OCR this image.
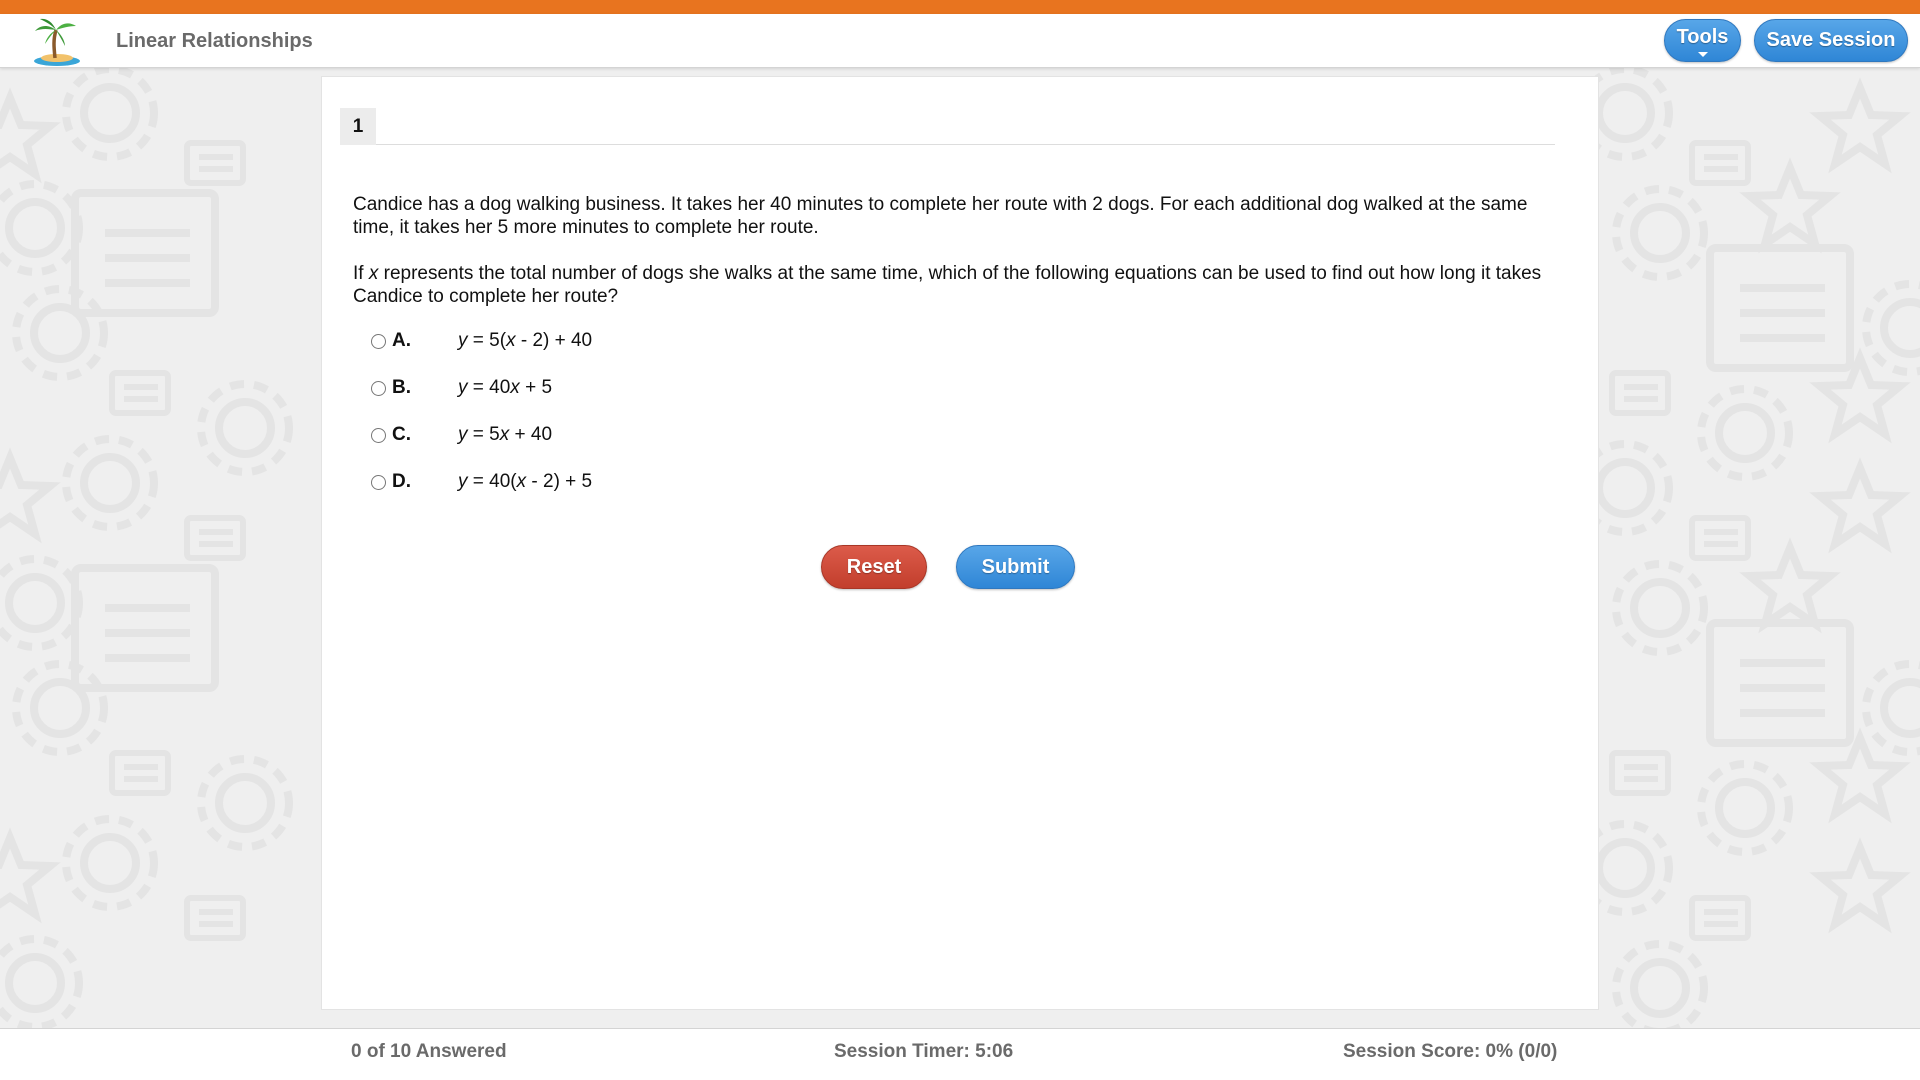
Linear Relationships	Tools	Save Session
1

Candice has a dog walking business. It takes her 40 minutes to complete her route with 2 dogs. For each additional dog walked at the same time, it takes her 5 more minutes to complete her route.

If x represents the total number of dogs she walks at the same time, which of the following equations can be used to find out how long it takes Candice to complete her route?

A. y = 5(x - 2) + 40
B. y = 40x + 5
C. y = 5x + 40
D. y = 40(x - 2) + 5
Reset	Submit
0 of 10 Answered	Session Timer: 5:06	Session Score: 0% (0/0)
